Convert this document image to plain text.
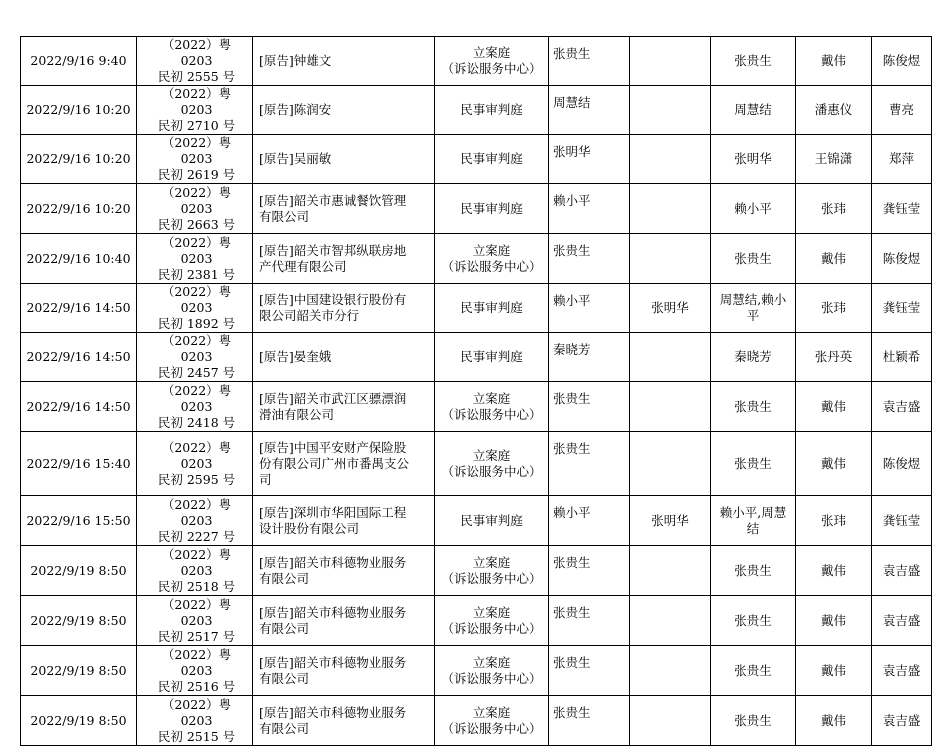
2022/9/16 9:40	（2022）粤 0203
民初 2555 号	[原告]钟雄文	立案庭
（诉讼服务中心）	张贵生		张贵生	戴伟	陈俊煜
2022/9/16 10:20	（2022）粤 0203
民初 2710 号	[原告]陈润安	民事审判庭	周慧结		周慧结	潘惠仪	曹亮
2022/9/16 10:20	（2022）粤 0203
民初 2619 号	[原告]吴丽敏	民事审判庭	张明华		张明华	王锦潇	郑萍
2022/9/16 10:20	（2022）粤 0203
民初 2663 号	[原告]韶关市惠诚餐饮管理
有限公司	民事审判庭	赖小平		赖小平	张玮	龚钰莹
2022/9/16 10:40	（2022）粤 0203
民初 2381 号	[原告]韶关市智邦纵联房地
产代理有限公司	立案庭
（诉讼服务中心）	张贵生		张贵生	戴伟	陈俊煜
2022/9/16 14:50	（2022）粤 0203
民初 1892 号	[原告]中国建设银行股份有
限公司韶关市分行	民事审判庭	赖小平	张明华	周慧结,赖小平	张玮	龚钰莹
2022/9/16 14:50	（2022）粤 0203
民初 2457 号	[原告]晏奎娥	民事审判庭	秦晓芳		秦晓芳	张丹英	杜颖希
2022/9/16 14:50	（2022）粤 0203
民初 2418 号	[原告]韶关市武江区骠漂润
滑油有限公司	立案庭
（诉讼服务中心）	张贵生		张贵生	戴伟	袁吉盛
2022/9/16 15:40	（2022）粤 0203
民初 2595 号	[原告]中国平安财产保险股
份有限公司广州市番禺支公
司	立案庭
（诉讼服务中心）	张贵生		张贵生	戴伟	陈俊煜
2022/9/16 15:50	（2022）粤 0203
民初 2227 号	[原告]深圳市华阳国际工程
设计股份有限公司	民事审判庭	赖小平	张明华	赖小平,周慧结	张玮	龚钰莹
2022/9/19 8:50	（2022）粤 0203
民初 2518 号	[原告]韶关市科德物业服务
有限公司	立案庭
（诉讼服务中心）	张贵生		张贵生	戴伟	袁吉盛
2022/9/19 8:50	（2022）粤 0203
民初 2517 号	[原告]韶关市科德物业服务
有限公司	立案庭
（诉讼服务中心）	张贵生		张贵生	戴伟	袁吉盛
2022/9/19 8:50	（2022）粤 0203
民初 2516 号	[原告]韶关市科德物业服务
有限公司	立案庭
（诉讼服务中心）	张贵生		张贵生	戴伟	袁吉盛
2022/9/19 8:50	（2022）粤 0203
民初 2515 号	[原告]韶关市科德物业服务
有限公司	立案庭
（诉讼服务中心）	张贵生		张贵生	戴伟	袁吉盛
